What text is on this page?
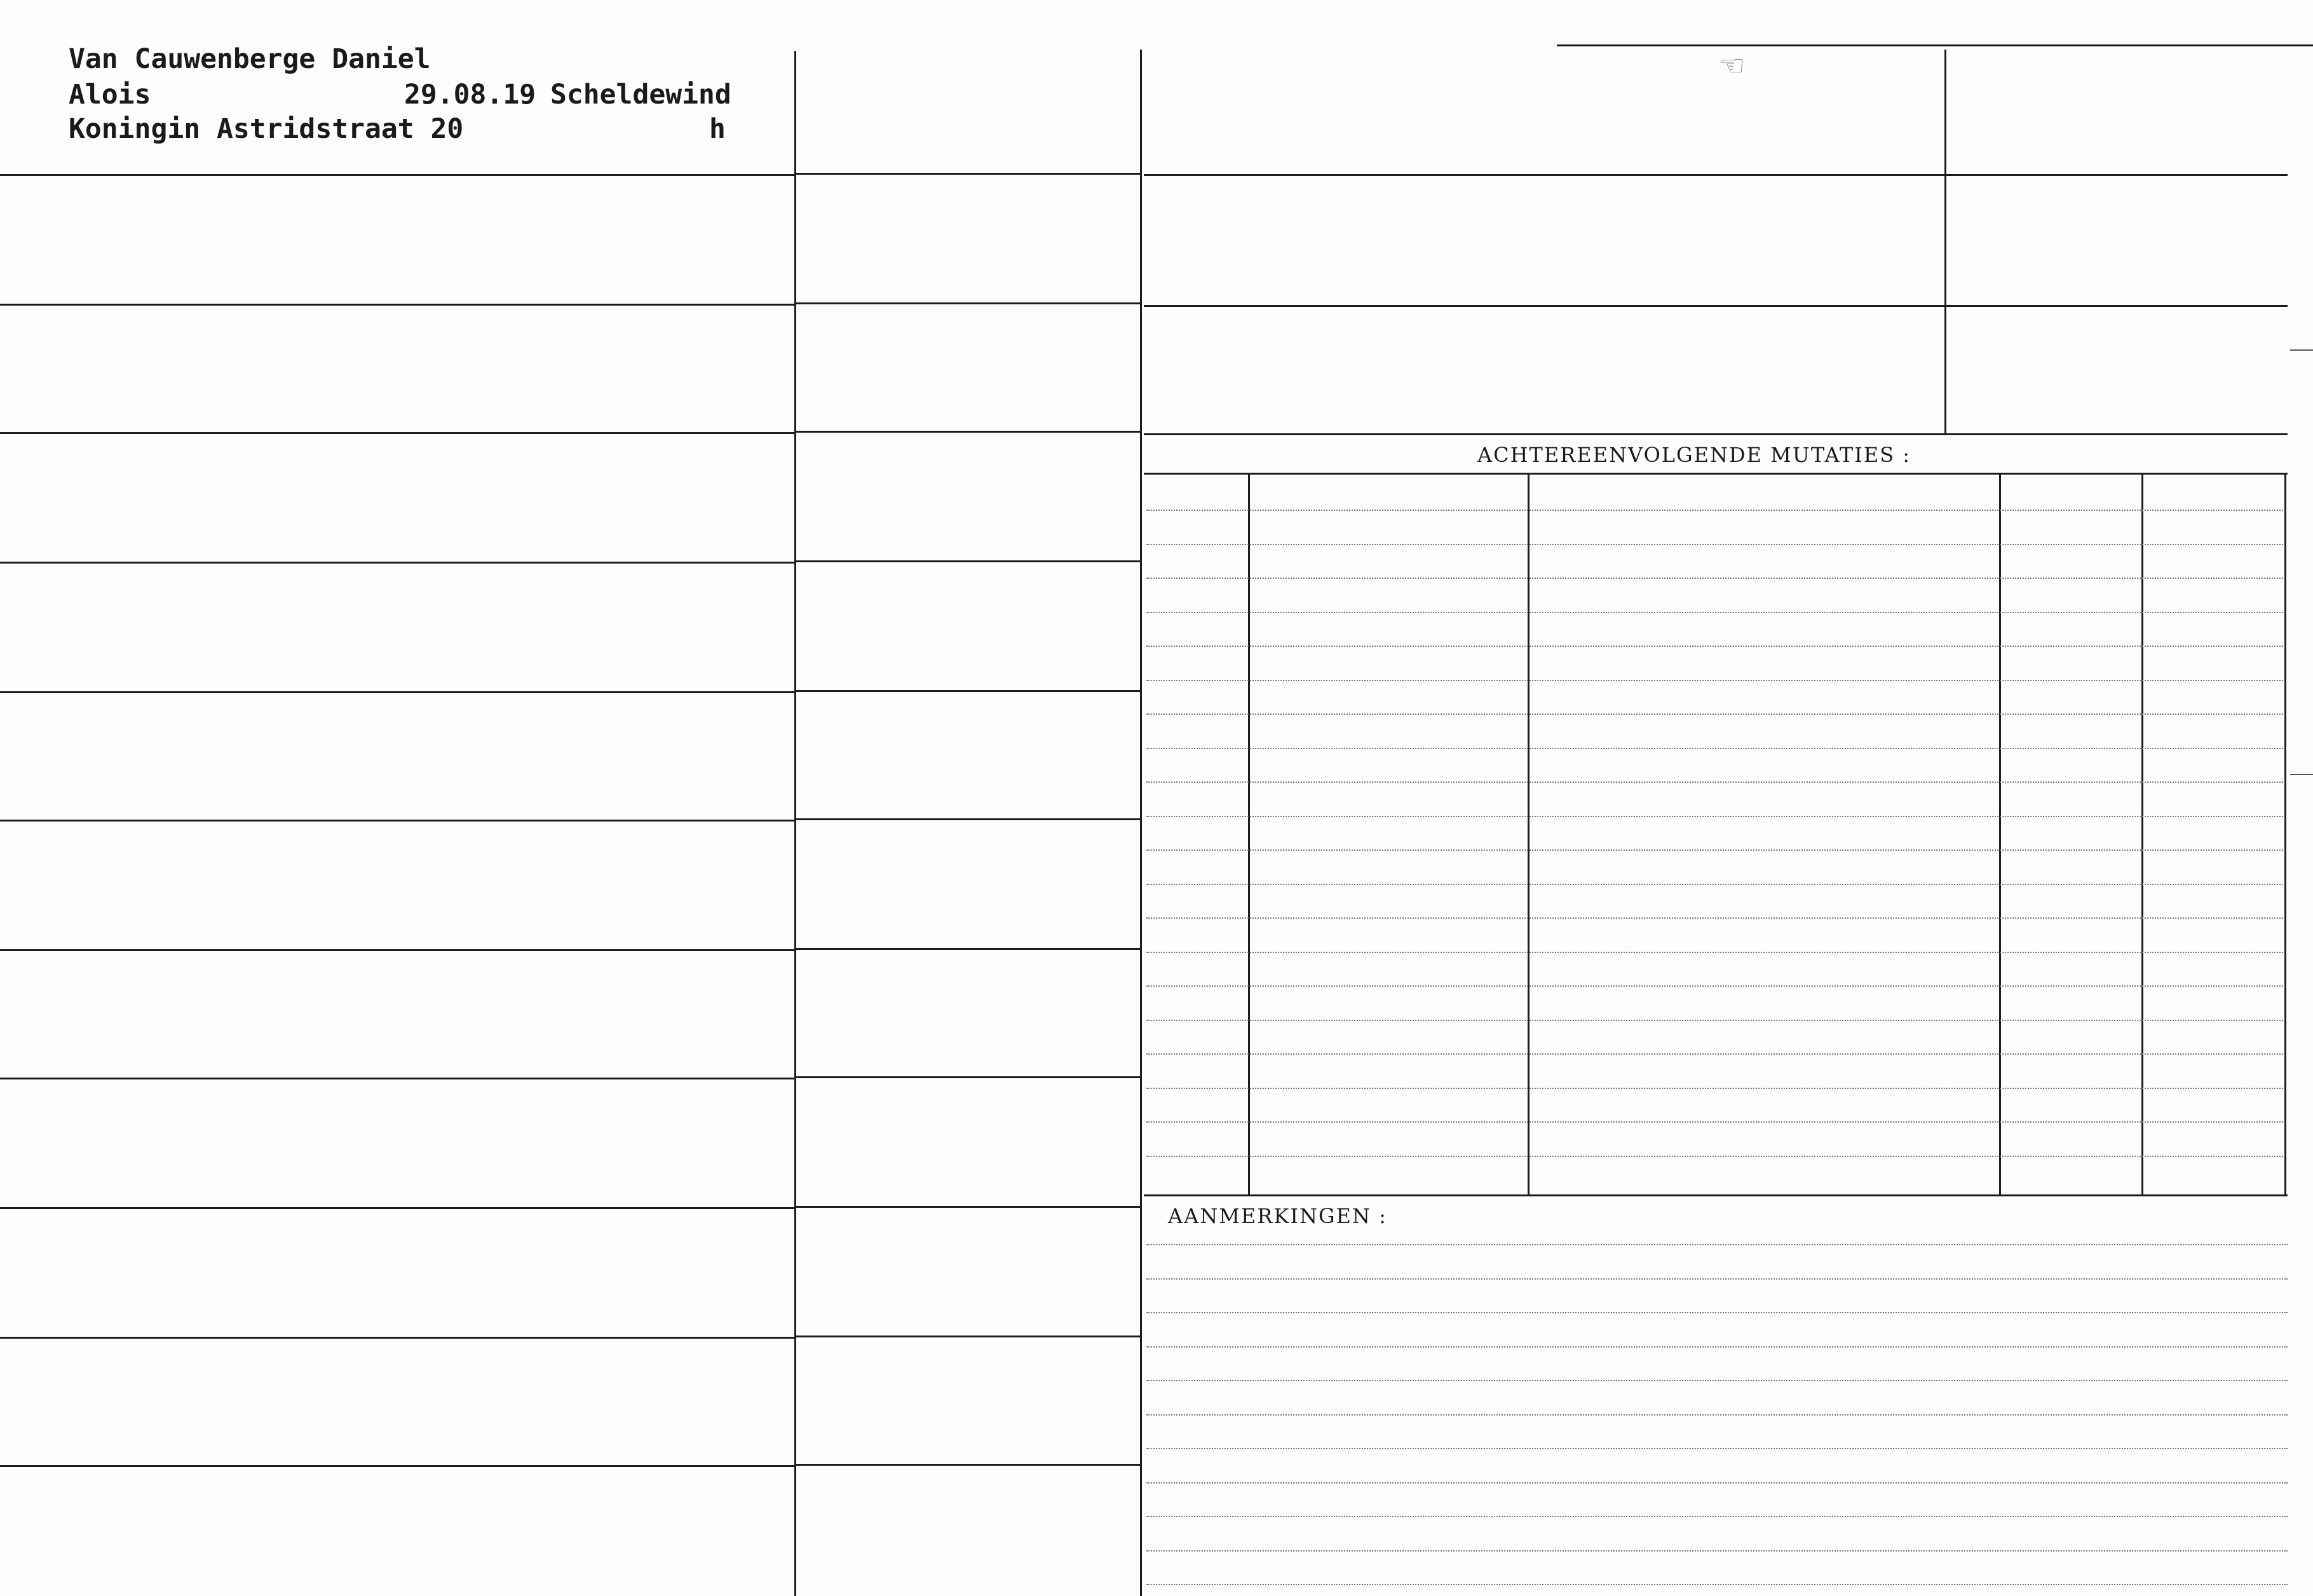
Van Cauwenberge Daniel
Alois	29.08.19 Scheldewind
Koningin Astridstraat 20	h
☜
ACHTEREENVOLGENDE MUTATIES :
AANMERKINGEN :
